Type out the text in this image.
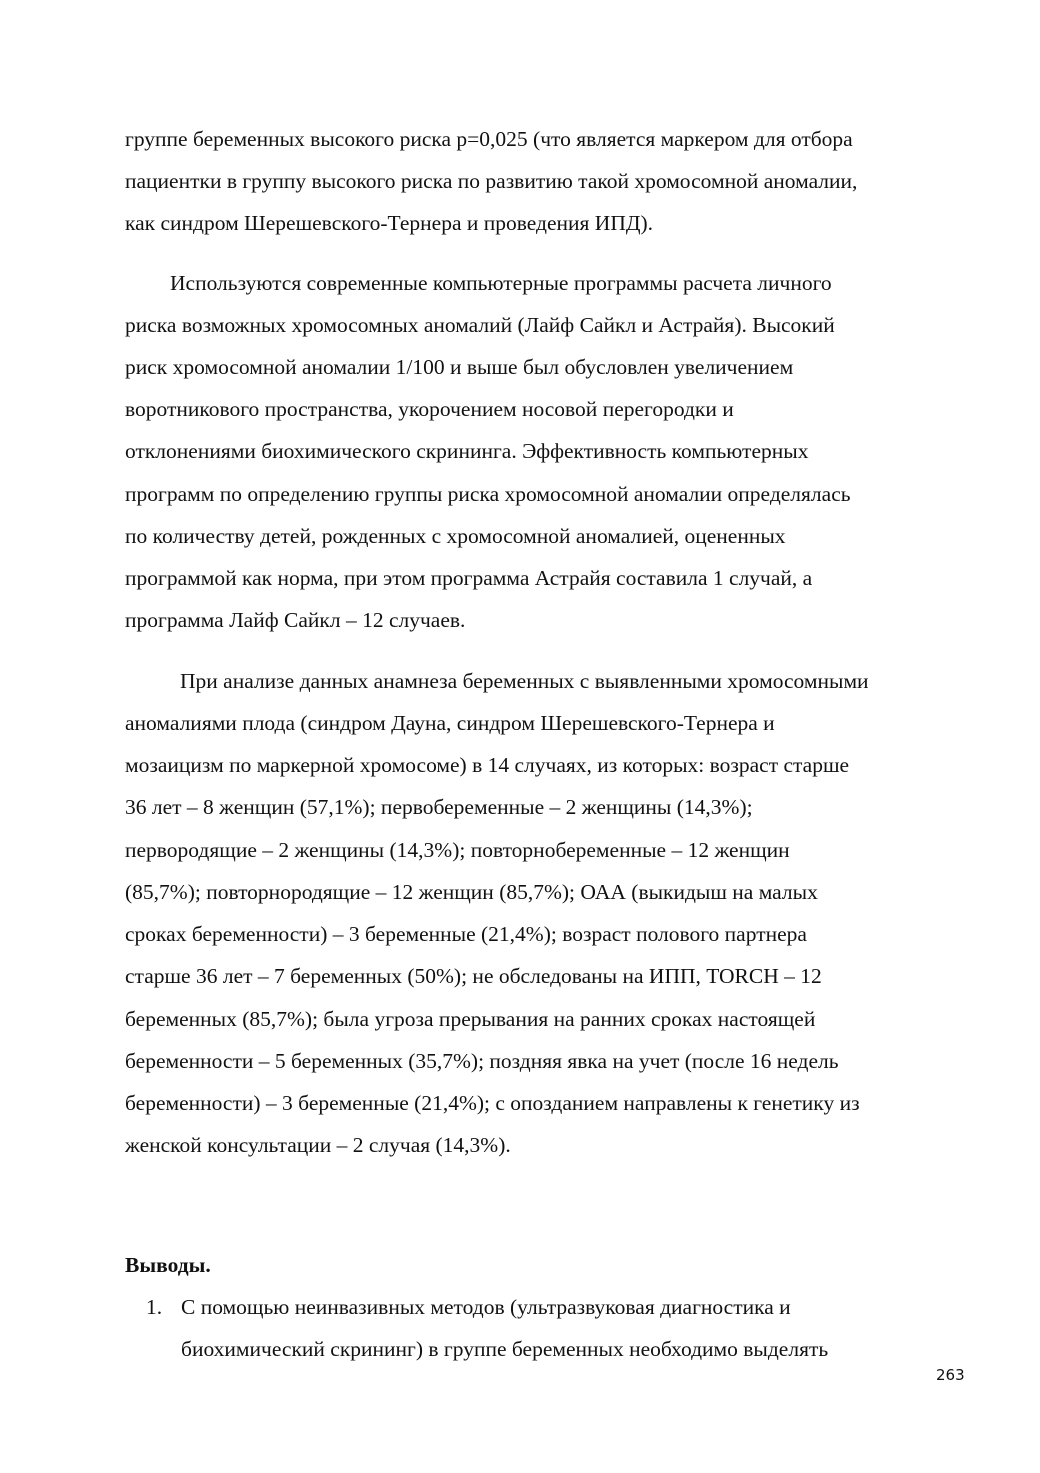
группе беременных высокого риска р=0,025 (что является маркером для отбора
пациентки в группу высокого риска по развитию такой хромосомной аномалии,
как синдром Шерешевского-Тернера и проведения ИПД).
Используются современные компьютерные программы расчета личного
риска возможных хромосомных аномалий (Лайф Сайкл и Астрайя). Высокий
риск хромосомной аномалии 1/100 и выше был обусловлен увеличением
воротникового пространства, укорочением носовой перегородки и
отклонениями биохимического скрининга. Эффективность компьютерных
программ по определению группы риска хромосомной аномалии определялась
по количеству детей, рожденных с хромосомной аномалией, оцененных
программой как норма, при этом программа Астрайя составила 1 случай, а
программа Лайф Сайкл – 12 случаев.
При анализе данных анамнеза беременных с выявленными хромосомными
аномалиями плода (синдром Дауна, синдром Шерешевского-Тернера и
мозаицизм по маркерной хромосоме) в 14 случаях, из которых: возраст старше
36 лет – 8 женщин (57,1%); первобеременные – 2 женщины (14,3%);
первородящие – 2 женщины (14,3%); повторнобеременные – 12 женщин
(85,7%); повторнородящие – 12 женщин (85,7%); ОАА (выкидыш на малых
сроках беременности) – 3 беременные (21,4%); возраст полового партнера
старше 36 лет – 7 беременных (50%); не обследованы на ИПП, TORCH – 12
беременных (85,7%); была угроза прерывания на ранних сроках настоящей
беременности – 5 беременных (35,7%); поздняя явка на учет (после 16 недель
беременности) – 3 беременные (21,4%); с опозданием направлены к генетику из
женской консультации – 2 случая (14,3%).
Выводы.
1. С помощью неинвазивных методов (ультразвуковая диагностика и
биохимический скрининг) в группе беременных необходимо выделять
263
